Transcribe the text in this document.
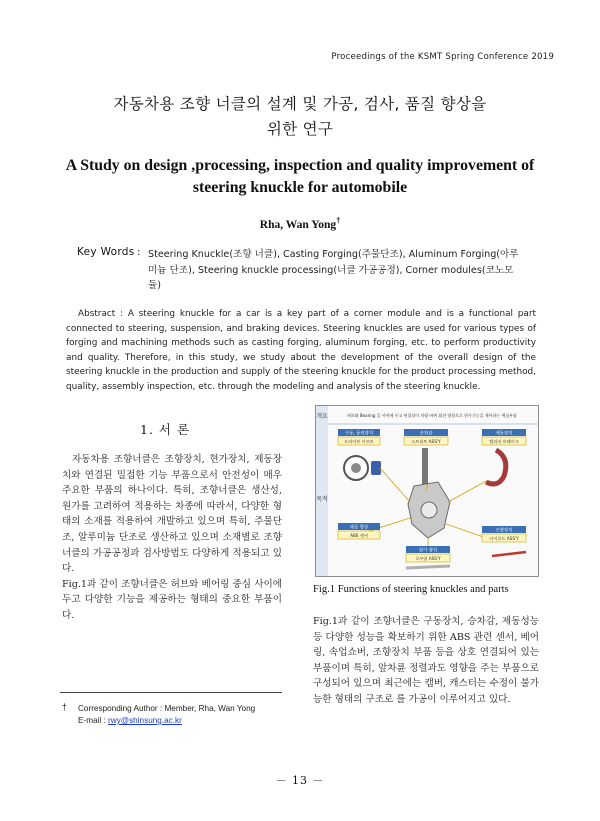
Proceedings of the KSMT Spring Conference 2019
자동차용 조향 너클의 설계 및 가공, 검사, 품질 향상을
위한 연구
A Study on design ,processing, inspection and quality improvement of
steering knuckle for automobile
Rha, Wan Yong†
Key Words : Steering Knuckle(조향 너클), Casting Forging(주물단조), Aluminum Forging(아루
미늄 단조), Steering knuckle processing(너클 가공공정), Corner modules(코노모
듈)
Abstract : A steering knuckle for a car is a key part of a corner module and is a functional part connected to steering, suspension, and braking devices. Steering knuckles are used for various types of forging and machining methods such as casting forging, aluminum forging, etc. to perform productivity and quality. Therefore, in this study, we study about the development of the overall design of the steering knuckle in the production and supply of the steering knuckle for the product processing method, quality, assembly inspection, etc. through the modeling and analysis of the steering knuckle.
1. 서 론

자동차용 조향너클은 조향장치, 현가장치, 제동장치와 연결된 밀접한 기능 부품으로서 안전성이 매우 주요한 부품의 하나이다. 특히, 조향너클은 생산성, 원가를 고려하여 적용하는 차종에 따라서, 다양한 형태의 소재를 적용하여 개발하고 있으며 특히, 주물단조, 알루미늄 단조로 생산하고 있으며 소재별로 조향너클의 가공공정과 검사방법도 다양하게 적용되고 있다.

Fig.1과 같이 조향너클은 허브와 베어링 중심 사이에 두고 다양한 기능을 제공하는 형태의 중요한 부품이다.

개요
목적
허브와 Bearing 을 사이에 두고 연결되어 차량 바퀴 회전 방향으로 현가기능을 제어하는 핵심부품
구동, 동력장치
드라이브 샤프트
승차감
스트러트 ASS'Y
제동장치
캘리퍼 브레이크
제동 향상
ABS 센서
현가 장치
로우암 ASS'Y
조향장치
타이로드 ASS'Y
Fig.1 Functions of steering knuckles and parts

Fig.1과 같이 조향너클은 구동장치, 승차감, 제동성능 등 다양한 성능을 확보하기 위한 ABS 관련 센서, 베어링, 속업쇼버, 조향장치 부품 등을 상호 연결되어 있는 부품이며 특히, 앞차륜 정렬과도 영향을 주는 부품으로 구성되어 있으며 최근에는 캠버, 캐스터는 수정이 불가능한 형태의 구조로 를 가공이 이루어지고 있다.

†	Corresponding Author : Member, Rha, Wan Yong
E-mail : rwy@shinsung.ac.kr
－ 13 －
